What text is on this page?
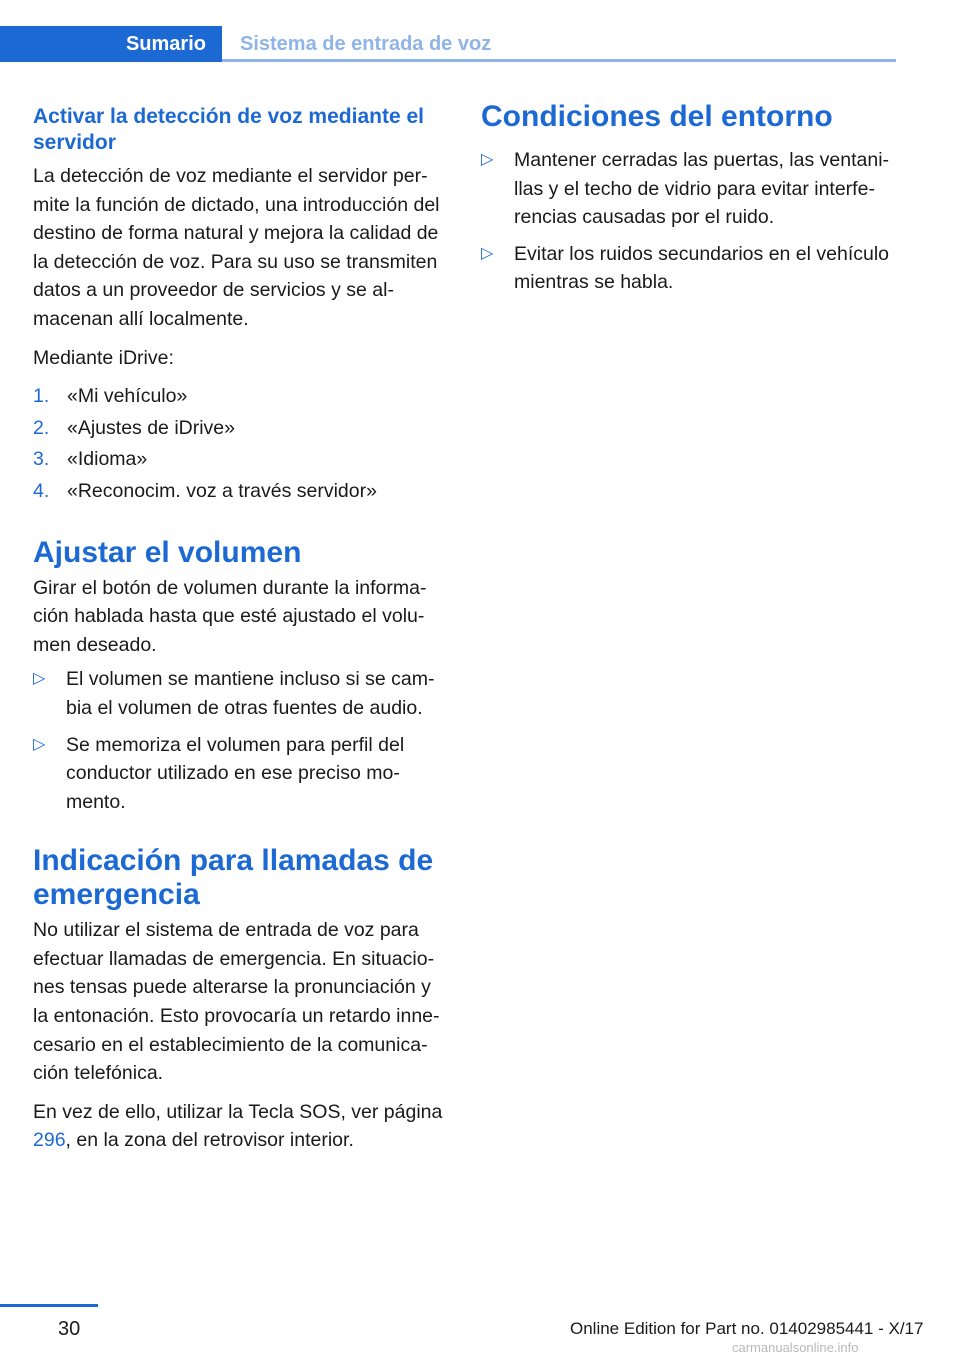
Sumario	Sistema de entrada de voz
Activar la detección de voz mediante el servidor

La detección de voz mediante el servidor permite la función de dictado, una introducción del destino de forma natural y mejora la calidad de la detección de voz. Para su uso se transmiten datos a un proveedor de servicios y se almacenan allí localmente.

Mediante iDrive:

1. «Mi vehículo»
2. «Ajustes de iDrive»
3. «Idioma»
4. «Reconocim. voz a través servidor»
Ajustar el volumen

Girar el botón de volumen durante la información hablada hasta que esté ajustado el volumen deseado.

▷ El volumen se mantiene incluso si se cambia el volumen de otras fuentes de audio.
▷ Se memoriza el volumen para perfil del conductor utilizado en ese preciso momento.
Indicación para llamadas de emergencia

No utilizar el sistema de entrada de voz para efectuar llamadas de emergencia. En situaciones tensas puede alterarse la pronunciación y la entonación. Esto provocaría un retardo innecesario en el establecimiento de la comunicación telefónica.

En vez de ello, utilizar la Tecla SOS, ver página 296, en la zona del retrovisor interior.

Condiciones del entorno
▷ Mantener cerradas las puertas, las ventanillas y el techo de vidrio para evitar interferencias causadas por el ruido.
▷ Evitar los ruidos secundarios en el vehículo mientras se habla.
30	Online Edition for Part no. 01402985441 - X/17
carmanualsonline.info
